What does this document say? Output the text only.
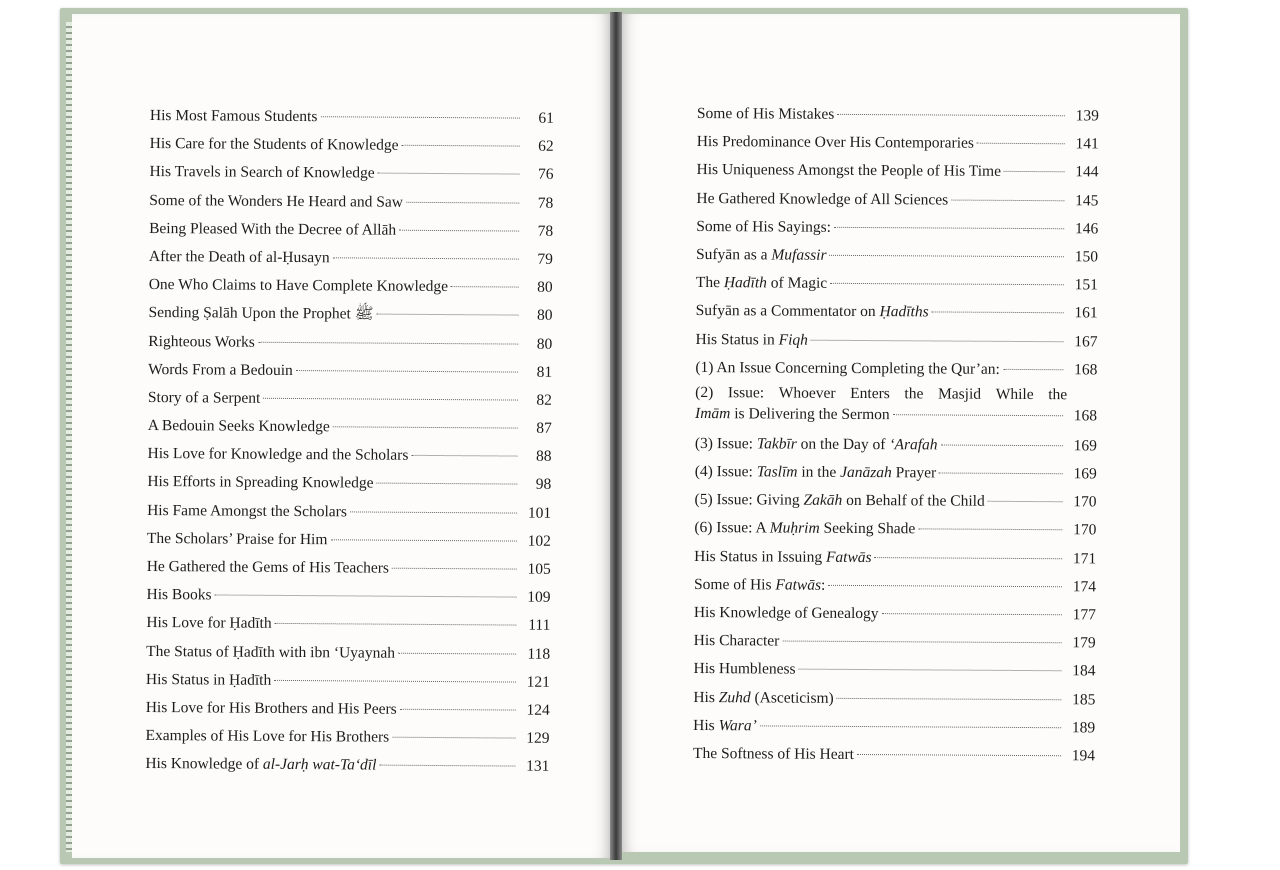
His Most Famous Students	61
His Care for the Students of Knowledge	62
His Travels in Search of Knowledge	76
Some of the Wonders He Heard and Saw	78
Being Pleased With the Decree of Allāh	78
After the Death of al-Ḥusayn	79
One Who Claims to Have Complete Knowledge	80
Sending Ṣalāh Upon the Prophet ﷺ	80
Righteous Works	80
Words From a Bedouin	81
Story of a Serpent	82
A Bedouin Seeks Knowledge	87
His Love for Knowledge and the Scholars	88
His Efforts in Spreading Knowledge	98
His Fame Amongst the Scholars	101
The Scholars’ Praise for Him	102
He Gathered the Gems of His Teachers	105
His Books	109
His Love for Ḥadīth	111
The Status of Ḥadīth with ibn ‘Uyaynah	118
His Status in Ḥadīth	121
His Love for His Brothers and His Peers	124
Examples of His Love for His Brothers	129
His Knowledge of al-Jarḥ wat-Ta‘dīl	131
Some of His Mistakes	139
His Predominance Over His Contemporaries	141
His Uniqueness Amongst the People of His Time	144
He Gathered Knowledge of All Sciences	145
Some of His Sayings:	146
Sufyān as a Mufassir	150
The Ḥadīth of Magic	151
Sufyān as a Commentator on Ḥadīths	161
His Status in Fiqh	167
(1) An Issue Concerning Completing the Qur’an:	168
(2) Issue: Whoever Enters the Masjid While the
Imām is Delivering the Sermon	168
(3) Issue: Takbīr on the Day of ‘Arafah	169
(4) Issue: Taslīm in the Janāzah Prayer	169
(5) Issue: Giving Zakāh on Behalf of the Child	170
(6) Issue: A Muḥrim Seeking Shade	170
His Status in Issuing Fatwās	171
Some of His Fatwās:	174
His Knowledge of Genealogy	177
His Character	179
His Humbleness	184
His Zuhd (Asceticism)	185
His Wara’	189
The Softness of His Heart	194
